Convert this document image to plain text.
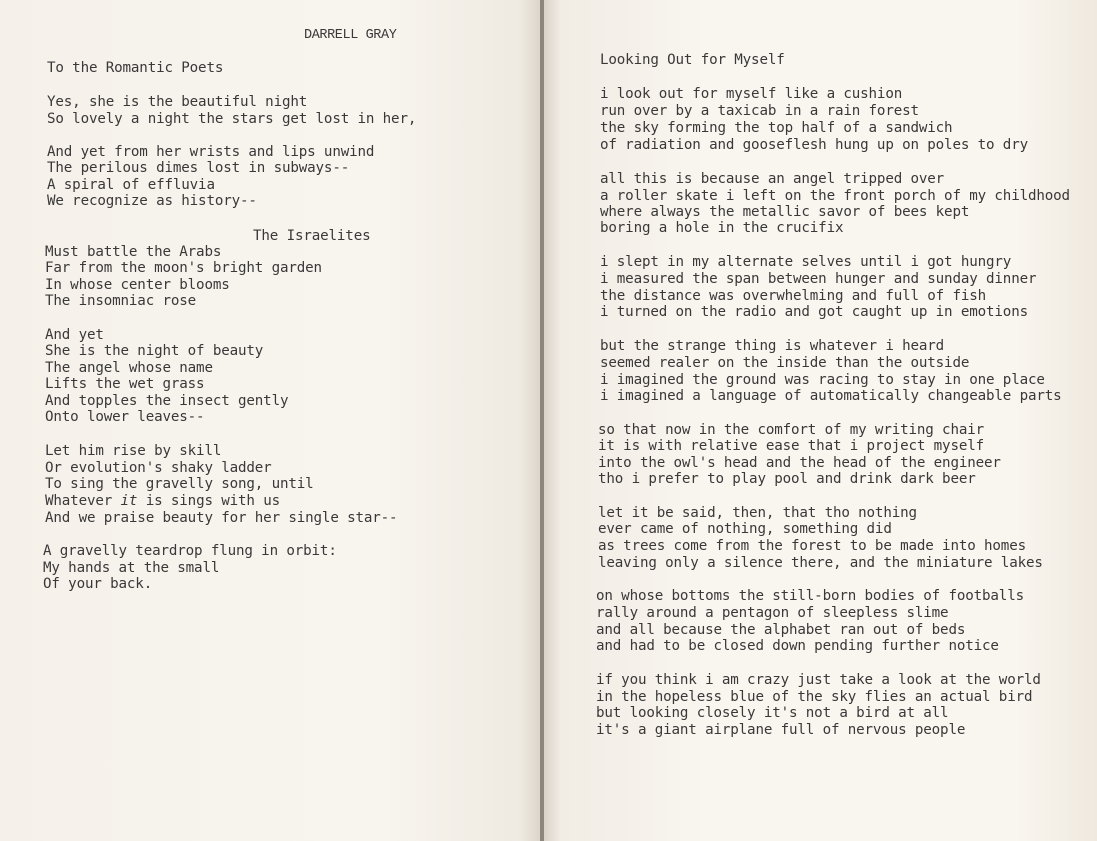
DARRELL GRAY
To the Romantic Poets
Yes, she is the beautiful night
So lovely a night the stars get lost in her,
And yet from her wrists and lips unwind
The perilous dimes lost in subways--
A spiral of effluvia
We recognize as history--
The Israelites
Must battle the Arabs
Far from the moon's bright garden
In whose center blooms
The insomniac rose
And yet
She is the night of beauty
The angel whose name
Lifts the wet grass
And topples the insect gently
Onto lower leaves--
Let him rise by skill
Or evolution's shaky ladder
To sing the gravelly song, until
Whatever it is sings with us
And we praise beauty for her single star--
A gravelly teardrop flung in orbit:
My hands at the small
Of your back.
Looking Out for Myself
i look out for myself like a cushion
run over by a taxicab in a rain forest
the sky forming the top half of a sandwich
of radiation and gooseflesh hung up on poles to dry
all this is because an angel tripped over
a roller skate i left on the front porch of my childhood
where always the metallic savor of bees kept
boring a hole in the crucifix
i slept in my alternate selves until i got hungry
i measured the span between hunger and sunday dinner
the distance was overwhelming and full of fish
i turned on the radio and got caught up in emotions
but the strange thing is whatever i heard
seemed realer on the inside than the outside
i imagined the ground was racing to stay in one place
i imagined a language of automatically changeable parts
so that now in the comfort of my writing chair
it is with relative ease that i project myself
into the owl's head and the head of the engineer
tho i prefer to play pool and drink dark beer
let it be said, then, that tho nothing
ever came of nothing, something did
as trees come from the forest to be made into homes
leaving only a silence there, and the miniature lakes
on whose bottoms the still-born bodies of footballs
rally around a pentagon of sleepless slime
and all because the alphabet ran out of beds
and had to be closed down pending further notice
if you think i am crazy just take a look at the world
in the hopeless blue of the sky flies an actual bird
but looking closely it's not a bird at all
it's a giant airplane full of nervous people
